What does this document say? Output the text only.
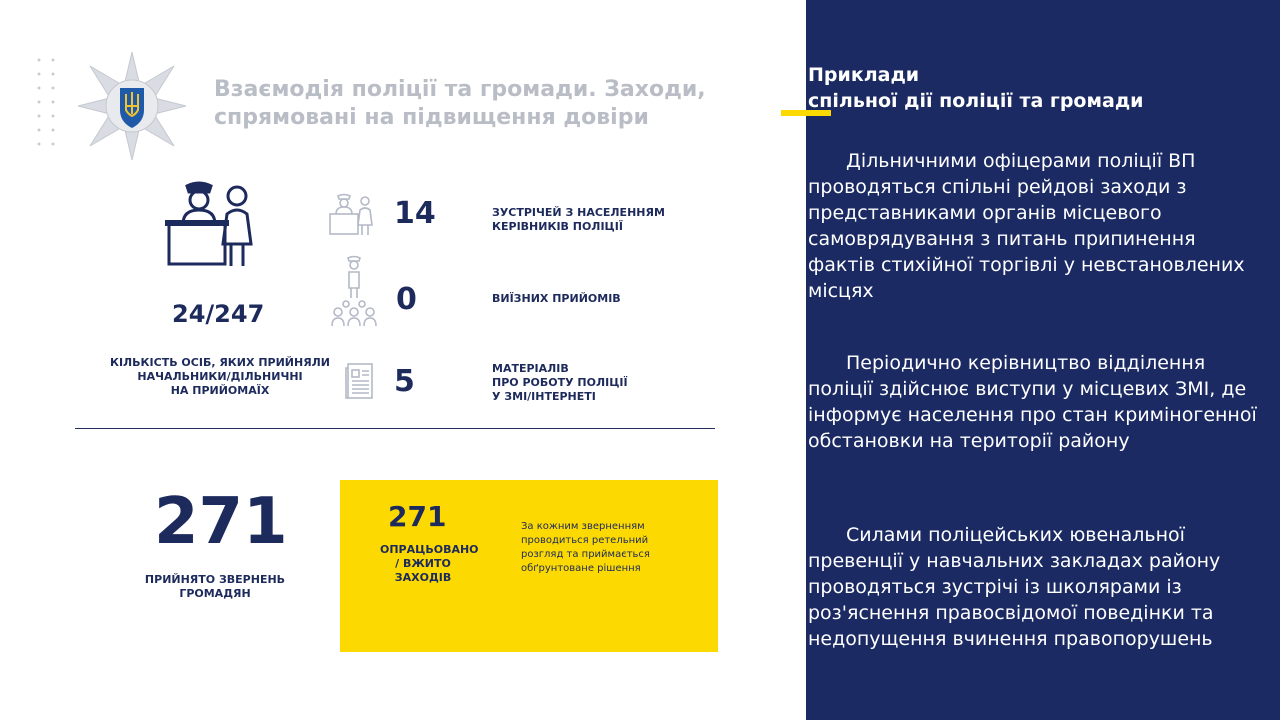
Взаємодія поліції та громади. Заходи,
спрямовані на підвищення довіри
24/247
КІЛЬКІСТЬ ОСІБ, ЯКИХ ПРИЙНЯЛИ
НАЧАЛЬНИКИ/ДІЛЬНИЧНІ
НА ПРИЙОМАЇХ
14
0
5
ЗУСТРІЧЕЙ З НАСЕЛЕННЯМ
КЕРІВНИКІВ ПОЛІЦІЇ
ВИЇЗНИХ ПРИЙОМІВ
МАТЕРІАЛІВ
ПРО РОБОТУ ПОЛІЦІЇ
У ЗМІ/ІНТЕРНЕТІ
271
ПРИЙНЯТО ЗВЕРНЕНЬ
ГРОМАДЯН
271
ОПРАЦЬОВАНО
/ ВЖИТО
ЗАХОДІВ
За кожним зверненням
проводиться ретельний
розгляд та приймається
обґрунтоване рішення
Приклади
спільної дії поліції та громади

Дільничними офіцерами поліції ВП проводяться спільні рейдові заходи з представниками органів місцевого самоврядування з питань припинення фактів стихійної торгівлі у невстановлених місцях

Періодично керівництво відділення поліції здійснює виступи у місцевих ЗМІ, де інформує населення про стан криміногенної обстановки на території району

Силами поліцейських ювенальної превенції у навчальних закладах району проводяться зустрічі із школярами із роз'яснення правосвідомої поведінки та недопущення вчинення правопорушень
